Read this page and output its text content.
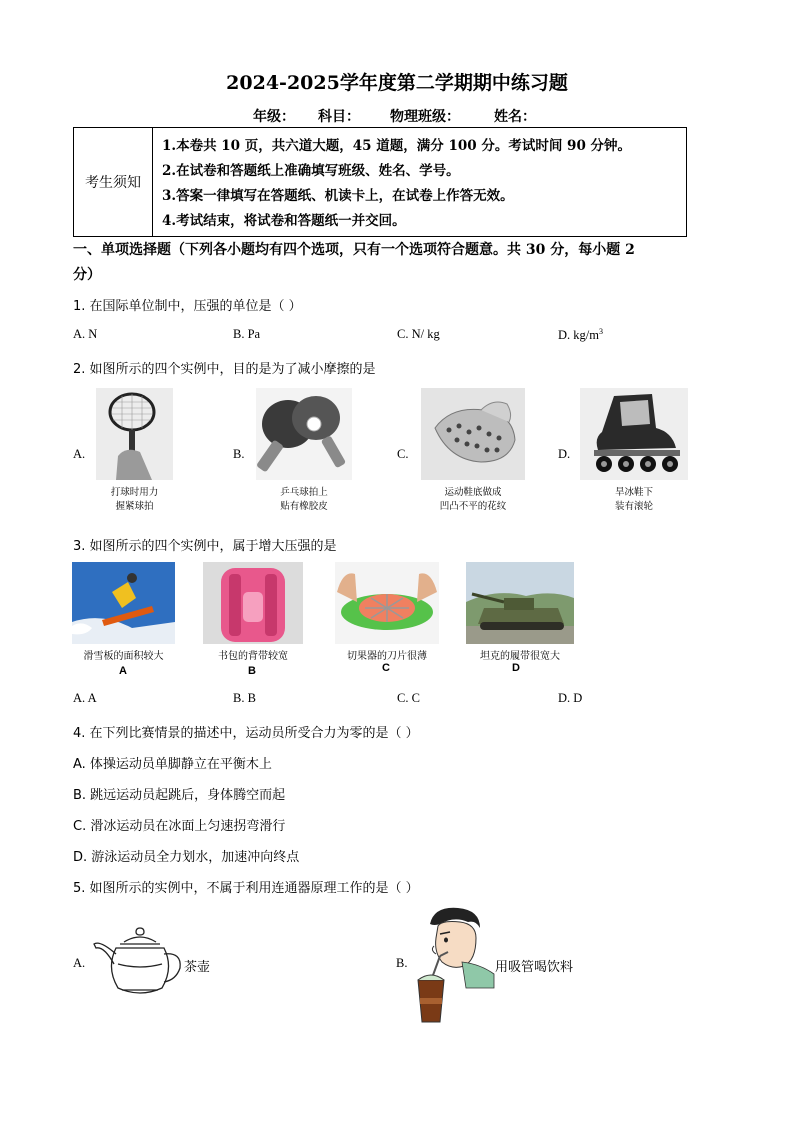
2024-2025学年度第二学期期中练习题
年级： 科目： 物理班级： 姓名：
考生须知
1.本卷共 10 页，共六道大题，45 道题，满分 100 分。考试时间 90 分钟。
2.在试卷和答题纸上准确填写班级、姓名、学号。
3.答案一律填写在答题纸、机读卡上，在试卷上作答无效。
4.考试结束，将试卷和答题纸一并交回。
一、单项选择题（下列各小题均有四个选项，只有一个选项符合题意。共 30 分，每小题 2
分）
1. 在国际单位制中，压强的单位是（ ）
A. N	B. Pa	C. N/ kg	D. $kg/m^3$
2. 如图所示的四个实例中，目的是为了减小摩擦的是
A.	B.	C.	D.
打球时用力
握紧球拍
乒乓球拍上
贴有橡胶皮
运动鞋底做成
凹凸不平的花纹
旱冰鞋下
装有滚轮
3. 如图所示的四个实例中，属于增大压强的是
滑雪板的面积较大
A
书包的背带较宽
B
切果器的刀片很薄
C
坦克的履带很宽大
D
A. A	B. B	C. C	D. D
4. 在下列比赛情景的描述中，运动员所受合力为零的是（ ）
A. 体操运动员单脚静立在平衡木上
B. 跳远运动员起跳后，身体腾空而起
C. 滑冰运动员在冰面上匀速拐弯滑行
D. 游泳运动员全力划水，加速冲向终点
5. 如图所示的实例中，不属于利用连通器原理工作的是（ ）
A.	茶壶	B.	用吸管喝饮料
